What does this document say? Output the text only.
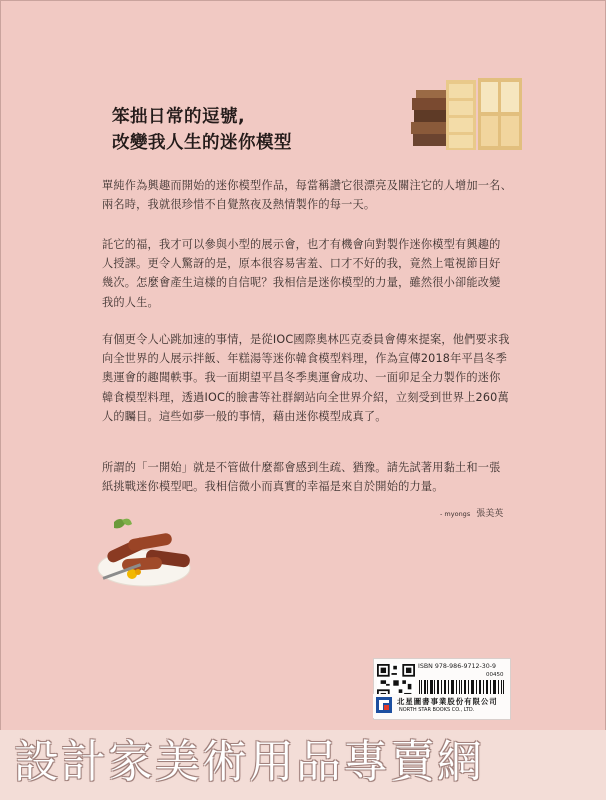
笨拙日常的逗號,
改變我人生的迷你模型
單純作為興趣而開始的迷你模型作品，每當稱讚它很漂亮及關注它的人增加一名、
兩名時，我就很珍惜不自覺熬夜及熱情製作的每一天。
託它的福，我才可以參與小型的展示會，也才有機會向對製作迷你模型有興趣的
人授課。更令人驚訝的是，原本很容易害羞、口才不好的我，竟然上電視節目好
幾次。怎麼會產生這樣的自信呢？我相信是迷你模型的力量，雖然很小卻能改變
我的人生。
有個更令人心跳加速的事情，是從IOC國際奧林匹克委員會傳來提案，他們要求我
向全世界的人展示拌飯、年糕湯等迷你韓食模型料理，作為宣傳2018年平昌冬季
奧運會的趣聞軼事。我一面期望平昌冬季奧運會成功、一面卯足全力製作的迷你
韓食模型料理，透過IOC的臉書等社群網站向全世界介紹，立刻受到世界上260萬
人的矚目。這些如夢一般的事情，藉由迷你模型成真了。
所謂的「一開始」就是不管做什麼都會感到生疏、猶豫。請先試著用黏土和一張
紙挑戰迷你模型吧。我相信微小而真實的幸福是來自於開始的力量。
- myongs 張美英
ISBN 978-986-9712-30-9
00450
北星圖書事業股份有限公司
NORTH STAR BOOKS CO., LTD.
設計家美術用品專賣網
